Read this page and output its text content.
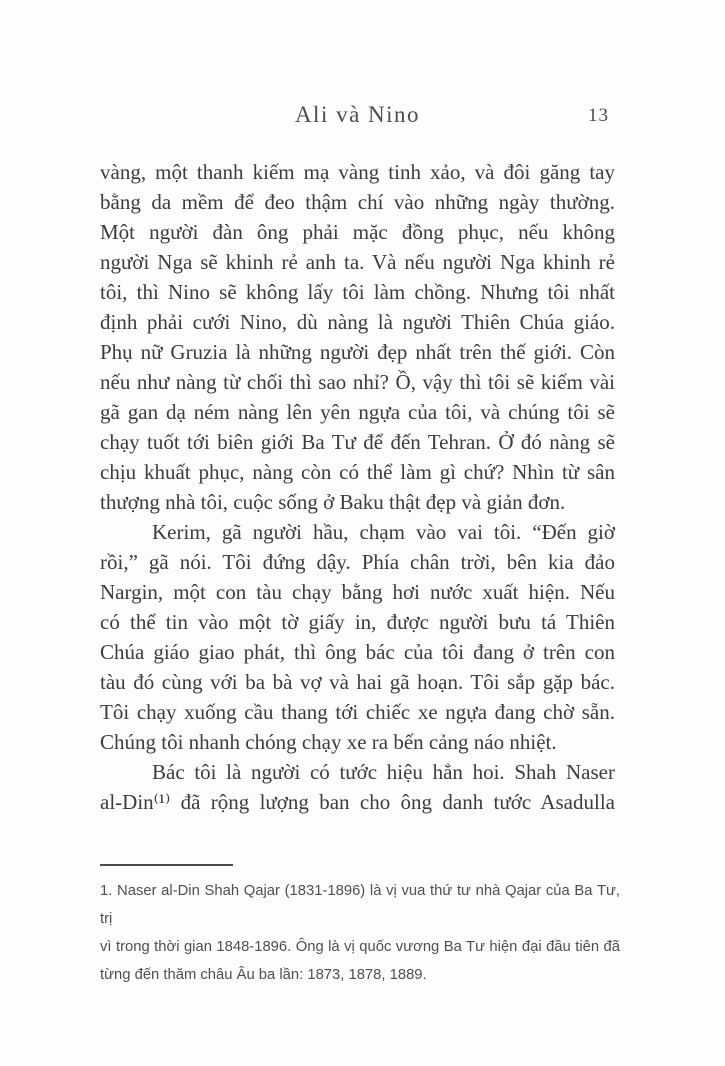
Ali và Nino	13
vàng, một thanh kiếm mạ vàng tinh xảo, và đôi găng tay
bằng da mềm để đeo thậm chí vào những ngày thường.
Một người đàn ông phải mặc đồng phục, nếu không
người Nga sẽ khinh rẻ anh ta. Và nếu người Nga khinh rẻ
tôi, thì Nino sẽ không lấy tôi làm chồng. Nhưng tôi nhất
định phải cưới Nino, dù nàng là người Thiên Chúa giáo.
Phụ nữ Gruzia là những người đẹp nhất trên thế giới. Còn
nếu như nàng từ chối thì sao nhỉ? Ồ, vậy thì tôi sẽ kiếm vài
gã gan dạ ném nàng lên yên ngựa của tôi, và chúng tôi sẽ
chạy tuốt tới biên giới Ba Tư để đến Tehran. Ở đó nàng sẽ
chịu khuất phục, nàng còn có thể làm gì chứ? Nhìn từ sân
thượng nhà tôi, cuộc sống ở Baku thật đẹp và giản đơn.
Kerim, gã người hầu, chạm vào vai tôi. “Đến giờ
rồi,” gã nói. Tôi đứng dậy. Phía chân trời, bên kia đảo
Nargin, một con tàu chạy bằng hơi nước xuất hiện. Nếu
có thể tin vào một tờ giấy in, được người bưu tá Thiên
Chúa giáo giao phát, thì ông bác của tôi đang ở trên con
tàu đó cùng với ba bà vợ và hai gã hoạn. Tôi sắp gặp bác.
Tôi chạy xuống cầu thang tới chiếc xe ngựa đang chờ sẵn.
Chúng tôi nhanh chóng chạy xe ra bến cảng náo nhiệt.
Bác tôi là người có tước hiệu hẳn hoi. Shah Naser
al-Din⁽¹⁾ đã rộng lượng ban cho ông danh tước Asadulla
1. Naser al-Din Shah Qajar (1831-1896) là vị vua thứ tư nhà Qajar của Ba Tư, trị
vì trong thời gian 1848-1896. Ông là vị quốc vương Ba Tư hiện đại đầu tiên đã
từng đến thăm châu Âu ba lần: 1873, 1878, 1889.
